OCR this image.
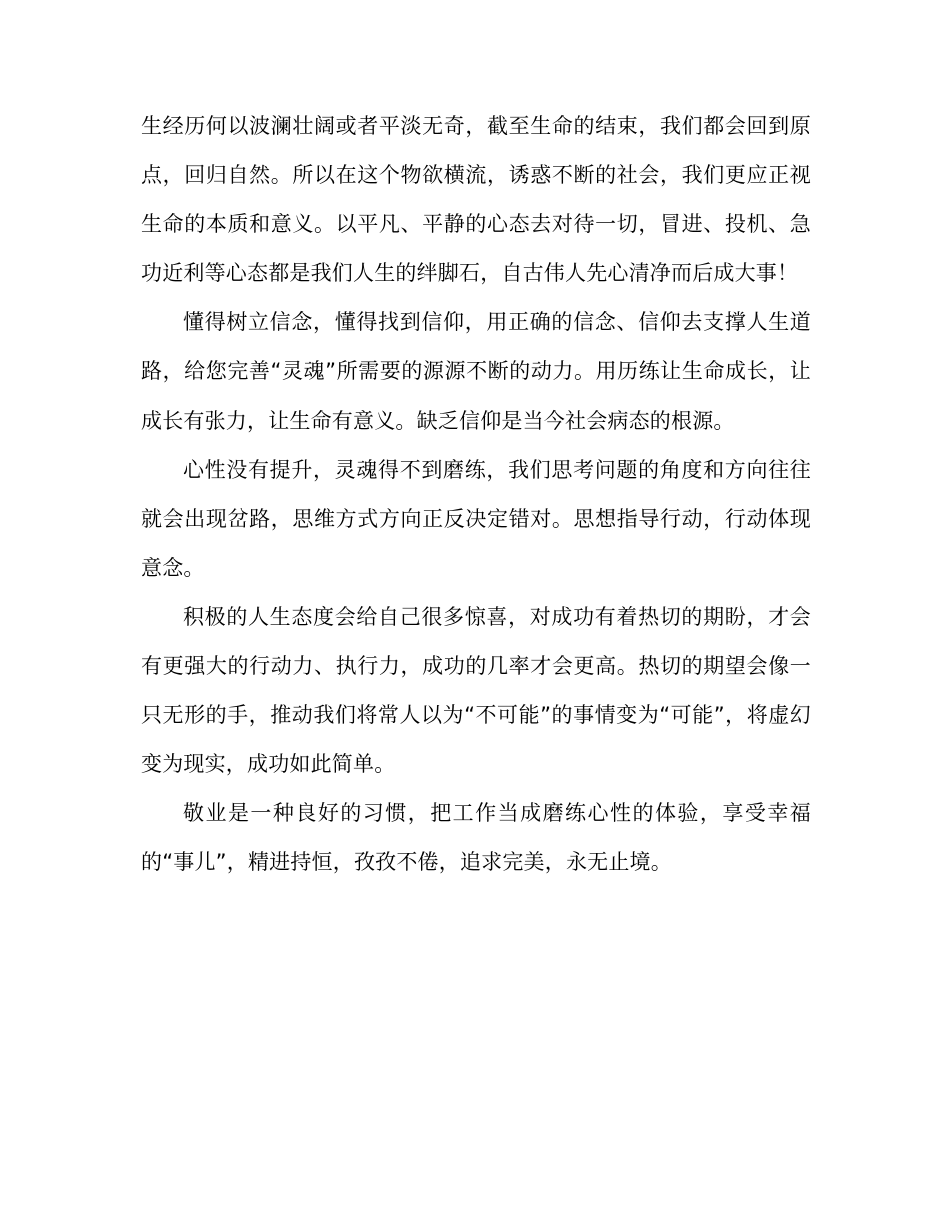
生经历何以波澜壮阔或者平淡无奇，截至生命的结束，我们都会回到原点，回归自然。所以在这个物欲横流，诱惑不断的社会，我们更应正视生命的本质和意义。以平凡、平静的心态去对待一切，冒进、投机、急功近利等心态都是我们人生的绊脚石，自古伟人先心清净而后成大事！

懂得树立信念，懂得找到信仰，用正确的信念、信仰去支撑人生道路，给您完善“灵魂”所需要的源源不断的动力。用历练让生命成长，让成长有张力，让生命有意义。缺乏信仰是当今社会病态的根源。

心性没有提升，灵魂得不到磨练，我们思考问题的角度和方向往往就会出现岔路，思维方式方向正反决定错对。思想指导行动，行动体现意念。

积极的人生态度会给自己很多惊喜，对成功有着热切的期盼，才会有更强大的行动力、执行力，成功的几率才会更高。热切的期望会像一只无形的手，推动我们将常人以为“不可能”的事情变为“可能”，将虚幻变为现实，成功如此简单。

敬业是一种良好的习惯，把工作当成磨练心性的体验，享受幸福的“事儿”，精进持恒，孜孜不倦，追求完美，永无止境。
